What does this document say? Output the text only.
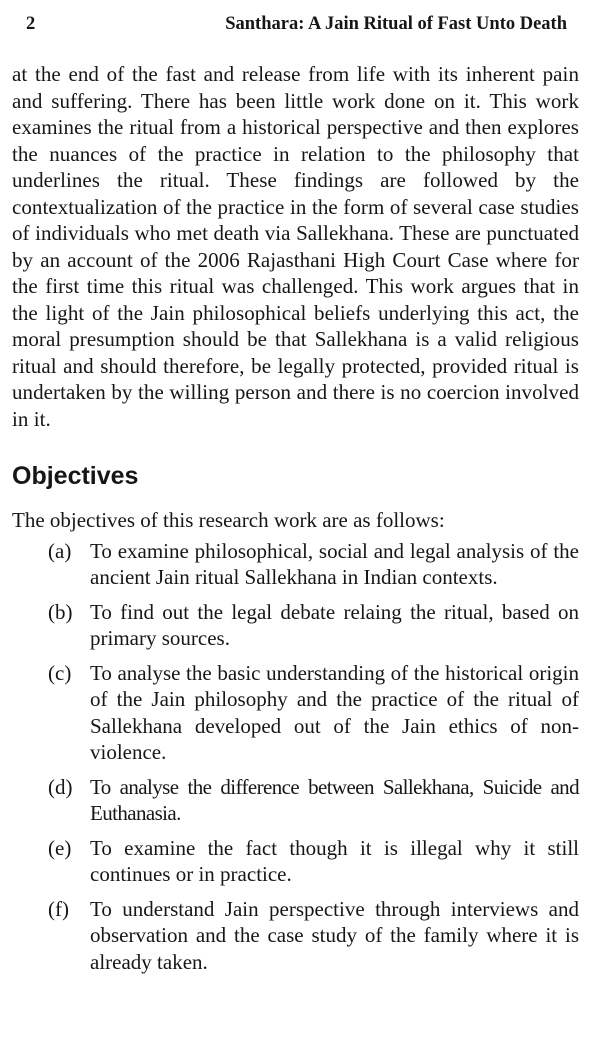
2	Santhara: A Jain Ritual of Fast Unto Death

at the end of the fast and release from life with its inherent pain and suffering. There has been little work done on it. This work examines the ritual from a historical perspective and then explores the nuances of the practice in relation to the philosophy that underlines the ritual. These findings are followed by the contextualization of the practice in the form of several case studies of individuals who met death via Sallekhana. These are punctuated by an account of the 2006 Rajasthani High Court Case where for the first time this ritual was challenged. This work argues that in the light of the Jain philosophical beliefs underlying this act, the moral presumption should be that Sallekhana is a valid religious ritual and should therefore, be legally protected, provided ritual is undertaken by the willing person and there is no coercion involved in it.

Objectives

The objectives of this research work are as follows:

(a) To examine philosophical, social and legal analysis of the ancient Jain ritual Sallekhana in Indian contexts.
(b) To find out the legal debate relaing the ritual, based on primary sources.
(c) To analyse the basic understanding of the historical origin of the Jain philosophy and the practice of the ritual of Sallekhana developed out of the Jain ethics of non-violence.
(d) To analyse the difference between Sallekhana, Suicide and Euthanasia.
(e) To examine the fact though it is illegal why it still continues or in practice.
(f)	To understand Jain perspective through interviews and observation and the case study of the family where it is already taken.
